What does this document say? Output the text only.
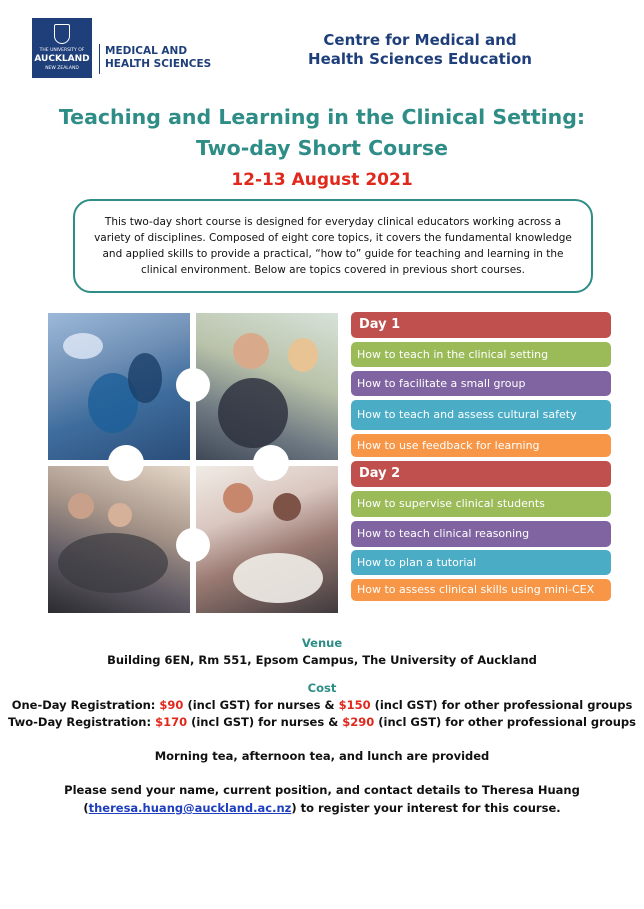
THE UNIVERSITY OF
AUCKLAND
NEW ZEALAND
MEDICAL AND
HEALTH SCIENCES
Centre for Medical and
Health Sciences Education
Teaching and Learning in the Clinical Setting:
Two-day Short Course
12-13 August 2021
This two-day short course is designed for everyday clinical educators working across a variety of disciplines. Composed of eight core topics, it covers the fundamental knowledge and applied skills to provide a practical, “how to” guide for teaching and learning in the clinical environment. Below are topics covered in previous short courses.
Day 1
How to teach in the clinical setting
How to facilitate a small group
How to teach and assess cultural safety
How to use feedback for learning
Day 2
How to supervise clinical students
How to teach clinical reasoning
How to plan a tutorial
How to assess clinical skills using mini-CEX
Venue
Building 6EN, Rm 551, Epsom Campus, The University of Auckland
Cost
One-Day Registration: $90 (incl GST) for nurses & $150 (incl GST) for other professional groups
Two-Day Registration: $170 (incl GST) for nurses & $290 (incl GST) for other professional groups
Morning tea, afternoon tea, and lunch are provided
Please send your name, current position, and contact details to Theresa Huang
(theresa.huang@auckland.ac.nz) to register your interest for this course.
